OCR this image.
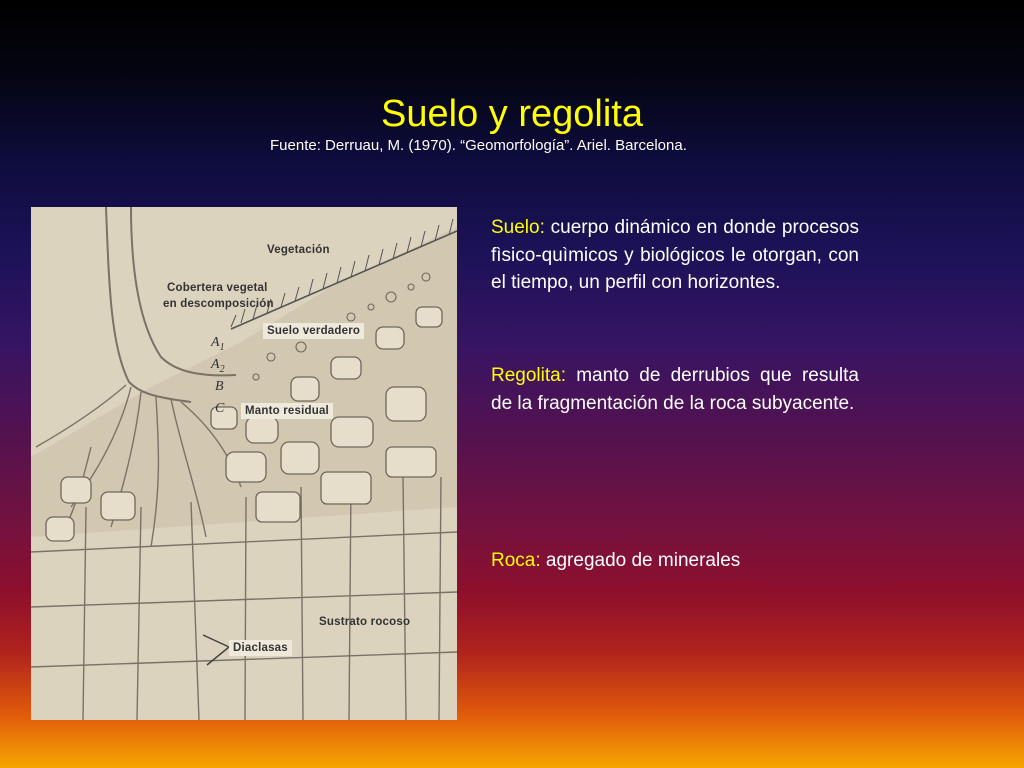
Suelo y regolita
Fuente: Derruau, M. (1970). “Geomorfología”. Ariel. Barcelona.
Vegetación
Cobertera vegetal
en descomposición
Suelo verdadero
Manto residual
Sustrato rocoso
Diaclasas
$A_1$
$A_2$
B
C

Suelo: cuerpo dinámico en donde procesos fìsico-quìmicos y biológicos le otorgan, con el tiempo, un perfil con horizontes.

Regolita: manto de derrubios que resulta de la fragmentación de la roca subyacente.

Roca: agregado de minerales
